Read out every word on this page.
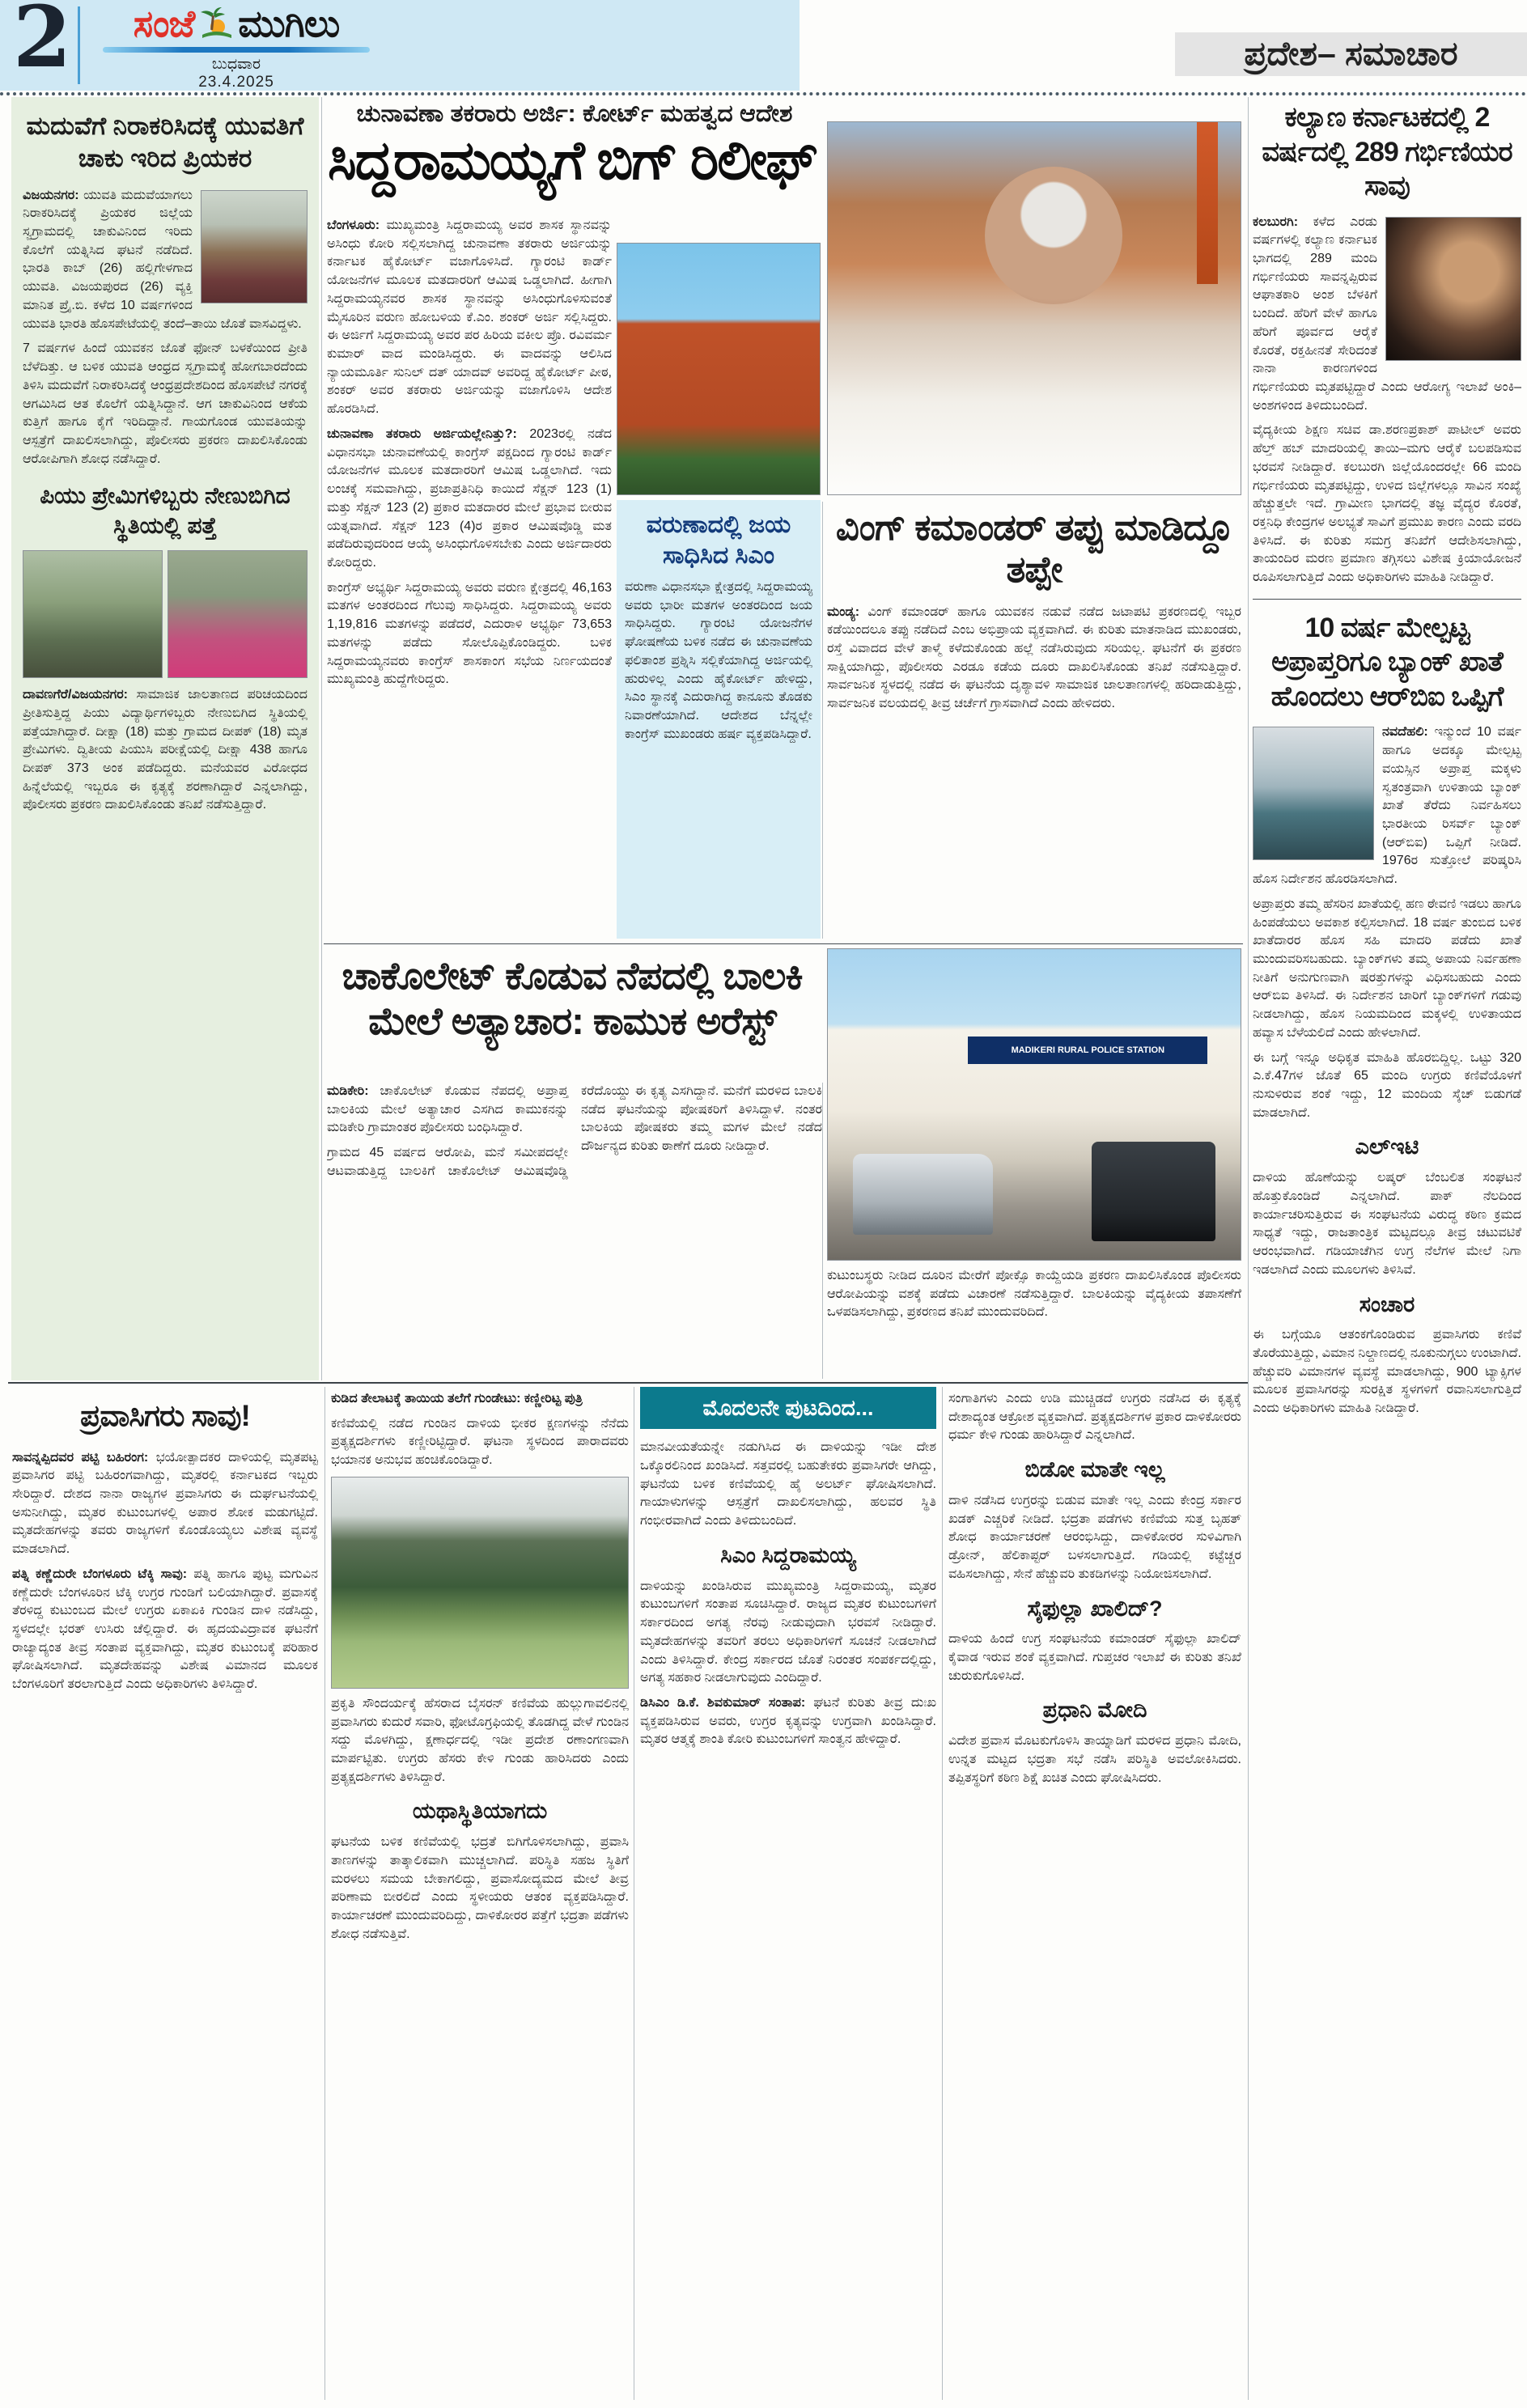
2 ಸಂಜೆ ಮುಗಿಲು
ಬುಧವಾರ
23.4.2025
ಪ್ರದೇಶ– ಸಮಾಚಾರ
ಮದುವೆಗೆ ನಿರಾಕರಿಸಿದಕ್ಕೆ ಯುವತಿಗೆ ಚಾಕು ಇರಿದ ಪ್ರಿಯಕರ

ವಿಜಯನಗರ: ಯುವತಿ ಮದುವೆಯಾಗಲು ನಿರಾಕರಿಸಿದಕ್ಕೆ ಪ್ರಿಯಕರ ಜಿಲ್ಲೆಯ ಸ್ವಗ್ರಾಮದಲ್ಲಿ ಚಾಕುವಿನಿಂದ ಇರಿದು ಕೊಲೆಗೆ ಯತ್ನಿಸಿದ ಘಟನೆ ನಡೆದಿದೆ. ಭಾರತಿ ಕಾಬ್ (26) ಹಲ್ಲಿಗೇಳಗಾದ ಯುವತಿ. ವಿಜಯಪುರದ (26) ವ್ಯಕ್ತಿ ಮಾನಿತ ಪ್ರೈ.ಬಿ. ಕಳೆದ 10 ವರ್ಷಗಳಿಂದ ಯುವತಿ ಭಾರತಿ ಹೊಸಪೇಟೆಯಲ್ಲಿ ತಂದೆ–ತಾಯಿ ಜೊತೆ ವಾಸವಿದ್ದಳು.

7 ವರ್ಷಗಳ ಹಿಂದೆ ಯುವಕನ ಜೊತೆ ಫೋನ್ ಬಳಕೆಯಿಂದ ಪ್ರೀತಿ ಬೆಳೆದಿತ್ತು. ಆ ಬಳಿಕ ಯುವತಿ ಆಂಧ್ರದ ಸ್ವಗ್ರಾಮಕ್ಕೆ ಹೋಗಬಾರದೆಂದು ತಿಳಿಸಿ ಮದುವೆಗೆ ನಿರಾಕರಿಸಿದಕ್ಕೆ ಆಂಧ್ರಪ್ರದೇಶದಿಂದ ಹೊಸಪೇಟೆ ನಗರಕ್ಕೆ ಆಗಮಿಸಿದ ಆತ ಕೊಲೆಗೆ ಯತ್ನಿಸಿದ್ದಾನೆ. ಆಗ ಚಾಕುವಿನಿಂದ ಆಕೆಯ ಕುತ್ತಿಗೆ ಹಾಗೂ ಕೈಗೆ ಇರಿದಿದ್ದಾನೆ. ಗಾಯಗೊಂಡ ಯುವತಿಯನ್ನು ಆಸ್ಪತ್ರೆಗೆ ದಾಖಲಿಸಲಾಗಿದ್ದು, ಪೊಲೀಸರು ಪ್ರಕರಣ ದಾಖಲಿಸಿಕೊಂಡು ಆರೋಪಿಗಾಗಿ ಶೋಧ ನಡೆಸಿದ್ದಾರೆ.

ಪಿಯು ಪ್ರೇಮಿಗಳಿಬ್ಬರು ನೇಣುಬಿಗಿದ ಸ್ಥಿತಿಯಲ್ಲಿ ಪತ್ತೆ

ದಾವಣಗೆರೆ/ವಿಜಯನಗರ: ಸಾಮಾಜಿಕ ಜಾಲತಾಣದ ಪರಿಚಯದಿಂದ ಪ್ರೀತಿಸುತ್ತಿದ್ದ ಪಿಯು ವಿದ್ಯಾರ್ಥಿಗಳಿಬ್ಬರು ನೇಣುಬಿಗಿದ ಸ್ಥಿತಿಯಲ್ಲಿ ಪತ್ತೆಯಾಗಿದ್ದಾರೆ. ದೀಕ್ಷಾ (18) ಮತ್ತು ಗ್ರಾಮದ ದೀಪಕ್ (18) ಮೃತ ಪ್ರೇಮಿಗಳು. ದ್ವಿತೀಯ ಪಿಯುಸಿ ಪರೀಕ್ಷೆಯಲ್ಲಿ ದೀಕ್ಷಾ 438 ಹಾಗೂ ದೀಪಕ್ 373 ಅಂಕ ಪಡೆದಿದ್ದರು. ಮನೆಯವರ ವಿರೋಧದ ಹಿನ್ನೆಲೆಯಲ್ಲಿ ಇಬ್ಬರೂ ಈ ಕೃತ್ಯಕ್ಕೆ ಶರಣಾಗಿದ್ದಾರೆ ಎನ್ನಲಾಗಿದ್ದು, ಪೊಲೀಸರು ಪ್ರಕರಣ ದಾಖಲಿಸಿಕೊಂಡು ತನಿಖೆ ನಡೆಸುತ್ತಿದ್ದಾರೆ.

ಚುನಾವಣಾ ತಕರಾರು ಅರ್ಜಿ: ಕೋರ್ಟ್ ಮಹತ್ವದ ಆದೇಶ
ಸಿದ್ದರಾಮಯ್ಯಗೆ ಬಿಗ್ ರಿಲೀಫ್

ಬೆಂಗಳೂರು: ಮುಖ್ಯಮಂತ್ರಿ ಸಿದ್ದರಾಮಯ್ಯ ಅವರ ಶಾಸಕ ಸ್ಥಾನವನ್ನು ಅಸಿಂಧು ಕೋರಿ ಸಲ್ಲಿಸಲಾಗಿದ್ದ ಚುನಾವಣಾ ತಕರಾರು ಅರ್ಜಿಯನ್ನು ಕರ್ನಾಟಕ ಹೈಕೋರ್ಟ್ ವಜಾಗೊಳಿಸಿದೆ. ಗ್ಯಾರಂಟಿ ಕಾರ್ಡ್ ಯೋಜನೆಗಳ ಮೂಲಕ ಮತದಾರರಿಗೆ ಆಮಿಷ ಒಡ್ಡಲಾಗಿದೆ. ಹೀಗಾಗಿ ಸಿದ್ದರಾಮಯ್ಯನವರ ಶಾಸಕ ಸ್ಥಾನವನ್ನು ಅಸಿಂಧುಗೊಳಿಸುವಂತೆ ಮೈಸೂರಿನ ವರುಣ ಹೋಬಳಿಯ ಕೆ.ಎಂ. ಶಂಕರ್ ಅರ್ಜಿ ಸಲ್ಲಿಸಿದ್ದರು. ಈ ಅರ್ಜಿಗೆ ಸಿದ್ದರಾಮಯ್ಯ ಅವರ ಪರ ಹಿರಿಯ ವಕೀಲ ಪ್ರೊ. ರವಿವರ್ಮ ಕುಮಾರ್ ವಾದ ಮಂಡಿಸಿದ್ದರು. ಈ ವಾದವನ್ನು ಆಲಿಸಿದ ನ್ಯಾಯಮೂರ್ತಿ ಸುನಿಲ್ ದತ್ ಯಾದವ್ ಅವರಿದ್ದ ಹೈಕೋರ್ಟ್ ಪೀಠ, ಶಂಕರ್ ಅವರ ತಕರಾರು ಅರ್ಜಿಯನ್ನು ವಜಾಗೊಳಿಸಿ ಆದೇಶ ಹೊರಡಿಸಿದೆ.

ಚುನಾವಣಾ ತಕರಾರು ಅರ್ಜಿಯಲ್ಲೇನಿತ್ತು?: 2023ರಲ್ಲಿ ನಡೆದ ವಿಧಾನಸಭಾ ಚುನಾವಣೆಯಲ್ಲಿ ಕಾಂಗ್ರೆಸ್ ಪಕ್ಷದಿಂದ ಗ್ಯಾರಂಟಿ ಕಾರ್ಡ್ ಯೋಜನೆಗಳ ಮೂಲಕ ಮತದಾರರಿಗೆ ಆಮಿಷ ಒಡ್ಡಲಾಗಿದೆ. ಇದು ಲಂಚಕ್ಕೆ ಸಮವಾಗಿದ್ದು, ಪ್ರಜಾಪ್ರತಿನಿಧಿ ಕಾಯಿದೆ ಸೆಕ್ಷನ್ 123 (1) ಮತ್ತು ಸೆಕ್ಷನ್ 123 (2) ಪ್ರಕಾರ ಮತದಾರರ ಮೇಲೆ ಪ್ರಭಾವ ಬೀರುವ ಯತ್ನವಾಗಿದೆ. ಸೆಕ್ಷನ್ 123 (4)ರ ಪ್ರಕಾರ ಆಮಿಷವೊಡ್ಡಿ ಮತ ಪಡೆದಿರುವುದರಿಂದ ಆಯ್ಕೆ ಅಸಿಂಧುಗೊಳಿಸಬೇಕು ಎಂದು ಅರ್ಜಿದಾರರು ಕೋರಿದ್ದರು.

ಕಾಂಗ್ರೆಸ್ ಅಭ್ಯರ್ಥಿ ಸಿದ್ದರಾಮಯ್ಯ ಅವರು ವರುಣ ಕ್ಷೇತ್ರದಲ್ಲಿ 46,163 ಮತಗಳ ಅಂತರದಿಂದ ಗೆಲುವು ಸಾಧಿಸಿದ್ದರು. ಸಿದ್ದರಾಮಯ್ಯ ಅವರು 1,19,816 ಮತಗಳನ್ನು ಪಡೆದರೆ, ಎದುರಾಳಿ ಅಭ್ಯರ್ಥಿ 73,653 ಮತಗಳನ್ನು ಪಡೆದು ಸೋಲೊಪ್ಪಿಕೊಂಡಿದ್ದರು. ಬಳಿಕ ಸಿದ್ದರಾಮಯ್ಯನವರು ಕಾಂಗ್ರೆಸ್ ಶಾಸಕಾಂಗ ಸಭೆಯ ನಿರ್ಣಯದಂತೆ ಮುಖ್ಯಮಂತ್ರಿ ಹುದ್ದೆಗೇರಿದ್ದರು.

ವರುಣಾದಲ್ಲಿ ಜಯ ಸಾಧಿಸಿದ ಸಿಎಂ
ವರುಣಾ ವಿಧಾನಸಭಾ ಕ್ಷೇತ್ರದಲ್ಲಿ ಸಿದ್ದರಾಮಯ್ಯ ಅವರು ಭಾರೀ ಮತಗಳ ಅಂತರದಿಂದ ಜಯ ಸಾಧಿಸಿದ್ದರು. ಗ್ಯಾರಂಟಿ ಯೋಜನೆಗಳ ಘೋಷಣೆಯ ಬಳಿಕ ನಡೆದ ಈ ಚುನಾವಣೆಯ ಫಲಿತಾಂಶ ಪ್ರಶ್ನಿಸಿ ಸಲ್ಲಿಕೆಯಾಗಿದ್ದ ಅರ್ಜಿಯಲ್ಲಿ ಹುರುಳಿಲ್ಲ ಎಂದು ಹೈಕೋರ್ಟ್ ಹೇಳಿದ್ದು, ಸಿಎಂ ಸ್ಥಾನಕ್ಕೆ ಎದುರಾಗಿದ್ದ ಕಾನೂನು ತೊಡಕು ನಿವಾರಣೆಯಾಗಿದೆ. ಆದೇಶದ ಬೆನ್ನಲ್ಲೇ ಕಾಂಗ್ರೆಸ್ ಮುಖಂಡರು ಹರ್ಷ ವ್ಯಕ್ತಪಡಿಸಿದ್ದಾರೆ.
ವಿಂಗ್ ಕಮಾಂಡರ್ ತಪ್ಪು ಮಾಡಿದ್ದೂ ತಪ್ಪೇ

ಮಂಡ್ಯ: ವಿಂಗ್ ಕಮಾಂಡರ್ ಹಾಗೂ ಯುವಕನ ನಡುವೆ ನಡೆದ ಜಟಾಪಟಿ ಪ್ರಕರಣದಲ್ಲಿ ಇಬ್ಬರ ಕಡೆಯಿಂದಲೂ ತಪ್ಪು ನಡೆದಿದೆ ಎಂಬ ಅಭಿಪ್ರಾಯ ವ್ಯಕ್ತವಾಗಿದೆ. ಈ ಕುರಿತು ಮಾತನಾಡಿದ ಮುಖಂಡರು, ರಸ್ತೆ ವಿವಾದದ ವೇಳೆ ತಾಳ್ಮೆ ಕಳೆದುಕೊಂಡು ಹಲ್ಲೆ ನಡೆಸಿರುವುದು ಸರಿಯಲ್ಲ. ಘಟನೆಗೆ ಈ ಪ್ರಕರಣ ಸಾಕ್ಷಿಯಾಗಿದ್ದು, ಪೊಲೀಸರು ಎರಡೂ ಕಡೆಯ ದೂರು ದಾಖಲಿಸಿಕೊಂಡು ತನಿಖೆ ನಡೆಸುತ್ತಿದ್ದಾರೆ. ಸಾರ್ವಜನಿಕ ಸ್ಥಳದಲ್ಲಿ ನಡೆದ ಈ ಘಟನೆಯ ದೃಶ್ಯಾವಳಿ ಸಾಮಾಜಿಕ ಜಾಲತಾಣಗಳಲ್ಲಿ ಹರಿದಾಡುತ್ತಿದ್ದು, ಸಾರ್ವಜನಿಕ ವಲಯದಲ್ಲಿ ತೀವ್ರ ಚರ್ಚೆಗೆ ಗ್ರಾಸವಾಗಿದೆ ಎಂದು ಹೇಳಿದರು.

ಕಲ್ಯಾಣ ಕರ್ನಾಟಕದಲ್ಲಿ 2 ವರ್ಷದಲ್ಲಿ 289 ಗರ್ಭಿಣಿಯರ ಸಾವು

ಕಲಬುರಗಿ: ಕಳೆದ ಎರಡು ವರ್ಷಗಳಲ್ಲಿ ಕಲ್ಯಾಣ ಕರ್ನಾಟಕ ಭಾಗದಲ್ಲಿ 289 ಮಂದಿ ಗರ್ಭಿಣಿಯರು ಸಾವನ್ನಪ್ಪಿರುವ ಆಘಾತಕಾರಿ ಅಂಶ ಬೆಳಕಿಗೆ ಬಂದಿದೆ. ಹೆರಿಗೆ ವೇಳೆ ಹಾಗೂ ಹೆರಿಗೆ ಪೂರ್ವದ ಆರೈಕೆ ಕೊರತೆ, ರಕ್ತಹೀನತೆ ಸೇರಿದಂತೆ ನಾನಾ ಕಾರಣಗಳಿಂದ ಗರ್ಭಿಣಿಯರು ಮೃತಪಟ್ಟಿದ್ದಾರೆ ಎಂದು ಆರೋಗ್ಯ ಇಲಾಖೆ ಅಂಕಿ–ಅಂಶಗಳಿಂದ ತಿಳಿದುಬಂದಿದೆ.

ವೈದ್ಯಕೀಯ ಶಿಕ್ಷಣ ಸಚಿವ ಡಾ.ಶರಣಪ್ರಕಾಶ್ ಪಾಟೀಲ್ ಅವರು ಹೆಲ್ತ್ ಹಬ್ ಮಾದರಿಯಲ್ಲಿ ತಾಯಿ–ಮಗು ಆರೈಕೆ ಬಲಪಡಿಸುವ ಭರವಸೆ ನೀಡಿದ್ದಾರೆ. ಕಲಬುರಗಿ ಜಿಲ್ಲೆಯೊಂದರಲ್ಲೇ 66 ಮಂದಿ ಗರ್ಭಿಣಿಯರು ಮೃತಪಟ್ಟಿದ್ದು, ಉಳಿದ ಜಿಲ್ಲೆಗಳಲ್ಲೂ ಸಾವಿನ ಸಂಖ್ಯೆ ಹೆಚ್ಚುತ್ತಲೇ ಇದೆ. ಗ್ರಾಮೀಣ ಭಾಗದಲ್ಲಿ ತಜ್ಞ ವೈದ್ಯರ ಕೊರತೆ, ರಕ್ತನಿಧಿ ಕೇಂದ್ರಗಳ ಅಲಭ್ಯತೆ ಸಾವಿಗೆ ಪ್ರಮುಖ ಕಾರಣ ಎಂದು ವರದಿ ತಿಳಿಸಿದೆ. ಈ ಕುರಿತು ಸಮಗ್ರ ತನಿಖೆಗೆ ಆದೇಶಿಸಲಾಗಿದ್ದು, ತಾಯಂದಿರ ಮರಣ ಪ್ರಮಾಣ ತಗ್ಗಿಸಲು ವಿಶೇಷ ಕ್ರಿಯಾಯೋಜನೆ ರೂಪಿಸಲಾಗುತ್ತಿದೆ ಎಂದು ಅಧಿಕಾರಿಗಳು ಮಾಹಿತಿ ನೀಡಿದ್ದಾರೆ.

10 ವರ್ಷ ಮೇಲ್ಪಟ್ಟ ಅಪ್ರಾಪ್ತರಿಗೂ ಬ್ಯಾಂಕ್ ಖಾತೆ ಹೊಂದಲು ಆರ್‌ಬಿಐ ಒಪ್ಪಿಗೆ

ನವದೆಹಲಿ: ಇನ್ಮುಂದೆ 10 ವರ್ಷ ಹಾಗೂ ಅದಕ್ಕೂ ಮೇಲ್ಪಟ್ಟ ವಯಸ್ಸಿನ ಅಪ್ರಾಪ್ತ ಮಕ್ಕಳು ಸ್ವತಂತ್ರವಾಗಿ ಉಳಿತಾಯ ಬ್ಯಾಂಕ್ ಖಾತೆ ತೆರೆದು ನಿರ್ವಹಿಸಲು ಭಾರತೀಯ ರಿಸರ್ವ್ ಬ್ಯಾಂಕ್ (ಆರ್‌ಬಿಐ) ಒಪ್ಪಿಗೆ ನೀಡಿದೆ. 1976ರ ಸುತ್ತೋಲೆ ಪರಿಷ್ಕರಿಸಿ ಹೊಸ ನಿರ್ದೇಶನ ಹೊರಡಿಸಲಾಗಿದೆ.

ಅಪ್ರಾಪ್ತರು ತಮ್ಮ ಹೆಸರಿನ ಖಾತೆಯಲ್ಲಿ ಹಣ ಠೇವಣಿ ಇಡಲು ಹಾಗೂ ಹಿಂಪಡೆಯಲು ಅವಕಾಶ ಕಲ್ಪಿಸಲಾಗಿದೆ. 18 ವರ್ಷ ತುಂಬಿದ ಬಳಿಕ ಖಾತೆದಾರರ ಹೊಸ ಸಹಿ ಮಾದರಿ ಪಡೆದು ಖಾತೆ ಮುಂದುವರಿಸಬಹುದು. ಬ್ಯಾಂಕ್‌ಗಳು ತಮ್ಮ ಅಪಾಯ ನಿರ್ವಹಣಾ ನೀತಿಗೆ ಅನುಗುಣವಾಗಿ ಷರತ್ತುಗಳನ್ನು ವಿಧಿಸಬಹುದು ಎಂದು ಆರ್‌ಬಿಐ ತಿಳಿಸಿದೆ. ಈ ನಿರ್ದೇಶನ ಜಾರಿಗೆ ಬ್ಯಾಂಕ್‌ಗಳಿಗೆ ಗಡುವು ನೀಡಲಾಗಿದ್ದು, ಹೊಸ ನಿಯಮದಿಂದ ಮಕ್ಕಳಲ್ಲಿ ಉಳಿತಾಯದ ಹವ್ಯಾಸ ಬೆಳೆಯಲಿದೆ ಎಂದು ಹೇಳಲಾಗಿದೆ.

ಈ ಬಗ್ಗೆ ಇನ್ನೂ ಅಧಿಕೃತ ಮಾಹಿತಿ ಹೊರಬಿದ್ದಿಲ್ಲ. ಒಟ್ಟು 320 ಎ.ಕೆ.47ಗಳ ಜೊತೆ 65 ಮಂದಿ ಉಗ್ರರು ಕಣಿವೆಯೊಳಗೆ ನುಸುಳಿರುವ ಶಂಕೆ ಇದ್ದು, 12 ಮಂದಿಯ ಸ್ಕೆಚ್ ಬಿಡುಗಡೆ ಮಾಡಲಾಗಿದೆ.

ಎಲ್ಇಟಿ

ದಾಳಿಯ ಹೊಣೆಯನ್ನು ಲಷ್ಕರ್ ಬೆಂಬಲಿತ ಸಂಘಟನೆ ಹೊತ್ತುಕೊಂಡಿದೆ ಎನ್ನಲಾಗಿದೆ. ಪಾಕ್ ನೆಲದಿಂದ ಕಾರ್ಯಾಚರಿಸುತ್ತಿರುವ ಈ ಸಂಘಟನೆಯ ವಿರುದ್ಧ ಕಠಿಣ ಕ್ರಮದ ಸಾಧ್ಯತೆ ಇದ್ದು, ರಾಜತಾಂತ್ರಿಕ ಮಟ್ಟದಲ್ಲೂ ತೀವ್ರ ಚಟುವಟಿಕೆ ಆರಂಭವಾಗಿದೆ. ಗಡಿಯಾಚೆಗಿನ ಉಗ್ರ ನೆಲೆಗಳ ಮೇಲೆ ನಿಗಾ ಇಡಲಾಗಿದೆ ಎಂದು ಮೂಲಗಳು ತಿಳಿಸಿವೆ.

ಸಂಚಾರ

ಈ ಬಗ್ಗೆಯೂ ಆತಂಕಗೊಂಡಿರುವ ಪ್ರವಾಸಿಗರು ಕಣಿವೆ ತೊರೆಯುತ್ತಿದ್ದು, ವಿಮಾನ ನಿಲ್ದಾಣದಲ್ಲಿ ನೂಕುನುಗ್ಗಲು ಉಂಟಾಗಿದೆ. ಹೆಚ್ಚುವರಿ ವಿಮಾನಗಳ ವ್ಯವಸ್ಥೆ ಮಾಡಲಾಗಿದ್ದು, 900 ಟ್ಯಾಕ್ಸಿಗಳ ಮೂಲಕ ಪ್ರವಾಸಿಗರನ್ನು ಸುರಕ್ಷಿತ ಸ್ಥಳಗಳಿಗೆ ರವಾನಿಸಲಾಗುತ್ತಿದೆ ಎಂದು ಅಧಿಕಾರಿಗಳು ಮಾಹಿತಿ ನೀಡಿದ್ದಾರೆ.

ಚಾಕೊಲೇಟ್ ಕೊಡುವ ನೆಪದಲ್ಲಿ ಬಾಲಕಿ ಮೇಲೆ ಅತ್ಯಾಚಾರ: ಕಾಮುಕ ಅರೆಸ್ಟ್
MADIKERI RURAL POLICE STATION

ಮಡಿಕೇರಿ: ಚಾಕೊಲೇಟ್ ಕೊಡುವ ನೆಪದಲ್ಲಿ ಅಪ್ರಾಪ್ತ ಬಾಲಕಿಯ ಮೇಲೆ ಅತ್ಯಾಚಾರ ಎಸಗಿದ ಕಾಮುಕನನ್ನು ಮಡಿಕೇರಿ ಗ್ರಾಮಾಂತರ ಪೊಲೀಸರು ಬಂಧಿಸಿದ್ದಾರೆ.

ಗ್ರಾಮದ 45 ವರ್ಷದ ಆರೋಪಿ, ಮನೆ ಸಮೀಪದಲ್ಲೇ ಆಟವಾಡುತ್ತಿದ್ದ ಬಾಲಕಿಗೆ ಚಾಕೊಲೇಟ್ ಆಮಿಷವೊಡ್ಡಿ ಕರೆದೊಯ್ದು ಈ ಕೃತ್ಯ ಎಸಗಿದ್ದಾನೆ. ಮನೆಗೆ ಮರಳಿದ ಬಾಲಕಿ ನಡೆದ ಘಟನೆಯನ್ನು ಪೋಷಕರಿಗೆ ತಿಳಿಸಿದ್ದಾಳೆ. ನಂತರ ಬಾಲಕಿಯ ಪೋಷಕರು ತಮ್ಮ ಮಗಳ ಮೇಲೆ ನಡೆದ ದೌರ್ಜನ್ಯದ ಕುರಿತು ಠಾಣೆಗೆ ದೂರು ನೀಡಿದ್ದಾರೆ.

ಕುಟುಂಬಸ್ಥರು ನೀಡಿದ ದೂರಿನ ಮೇರೆಗೆ ಪೋಕ್ಸೊ ಕಾಯ್ದೆಯಡಿ ಪ್ರಕರಣ ದಾಖಲಿಸಿಕೊಂಡ ಪೊಲೀಸರು ಆರೋಪಿಯನ್ನು ವಶಕ್ಕೆ ಪಡೆದು ವಿಚಾರಣೆ ನಡೆಸುತ್ತಿದ್ದಾರೆ. ಬಾಲಕಿಯನ್ನು ವೈದ್ಯಕೀಯ ತಪಾಸಣೆಗೆ ಒಳಪಡಿಸಲಾಗಿದ್ದು, ಪ್ರಕರಣದ ತನಿಖೆ ಮುಂದುವರಿದಿದೆ.
ಪ್ರವಾಸಿಗರು ಸಾವು!

ಸಾವನ್ನಪ್ಪಿದವರ ಪಟ್ಟಿ ಬಹಿರಂಗ: ಭಯೋತ್ಪಾದಕರ ದಾಳಿಯಲ್ಲಿ ಮೃತಪಟ್ಟ ಪ್ರವಾಸಿಗರ ಪಟ್ಟಿ ಬಹಿರಂಗವಾಗಿದ್ದು, ಮೃತರಲ್ಲಿ ಕರ್ನಾಟಕದ ಇಬ್ಬರು ಸೇರಿದ್ದಾರೆ. ದೇಶದ ನಾನಾ ರಾಜ್ಯಗಳ ಪ್ರವಾಸಿಗರು ಈ ದುರ್ಘಟನೆಯಲ್ಲಿ ಅಸುನೀಗಿದ್ದು, ಮೃತರ ಕುಟುಂಬಗಳಲ್ಲಿ ಅಪಾರ ಶೋಕ ಮಡುಗಟ್ಟಿದೆ. ಮೃತದೇಹಗಳನ್ನು ತವರು ರಾಜ್ಯಗಳಿಗೆ ಕೊಂಡೊಯ್ಯಲು ವಿಶೇಷ ವ್ಯವಸ್ಥೆ ಮಾಡಲಾಗಿದೆ.

ಪತ್ನಿ ಕಣ್ಣೆದುರೇ ಬೆಂಗಳೂರು ಟೆಕ್ಕಿ ಸಾವು: ಪತ್ನಿ ಹಾಗೂ ಪುಟ್ಟ ಮಗುವಿನ ಕಣ್ಣೆದುರೇ ಬೆಂಗಳೂರಿನ ಟೆಕ್ಕಿ ಉಗ್ರರ ಗುಂಡಿಗೆ ಬಲಿಯಾಗಿದ್ದಾರೆ. ಪ್ರವಾಸಕ್ಕೆ ತೆರಳಿದ್ದ ಕುಟುಂಬದ ಮೇಲೆ ಉಗ್ರರು ಏಕಾಏಕಿ ಗುಂಡಿನ ದಾಳಿ ನಡೆಸಿದ್ದು, ಸ್ಥಳದಲ್ಲೇ ಭರತ್ ಉಸಿರು ಚೆಲ್ಲಿದ್ದಾರೆ. ಈ ಹೃದಯವಿದ್ರಾವಕ ಘಟನೆಗೆ ರಾಜ್ಯಾದ್ಯಂತ ತೀವ್ರ ಸಂತಾಪ ವ್ಯಕ್ತವಾಗಿದ್ದು, ಮೃತರ ಕುಟುಂಬಕ್ಕೆ ಪರಿಹಾರ ಘೋಷಿಸಲಾಗಿದೆ. ಮೃತದೇಹವನ್ನು ವಿಶೇಷ ವಿಮಾನದ ಮೂಲಕ ಬೆಂಗಳೂರಿಗೆ ತರಲಾಗುತ್ತಿದೆ ಎಂದು ಅಧಿಕಾರಿಗಳು ತಿಳಿಸಿದ್ದಾರೆ.

ಕುಡಿದ ತೇಲಾಟಕ್ಕೆ ತಾಯಿಯ ತಲೆಗೆ ಗುಂಡೇಟು: ಕಣ್ಣೀರಿಟ್ಟ ಪುತ್ರಿ

ಕಣಿವೆಯಲ್ಲಿ ನಡೆದ ಗುಂಡಿನ ದಾಳಿಯ ಭೀಕರ ಕ್ಷಣಗಳನ್ನು ನೆನೆದು ಪ್ರತ್ಯಕ್ಷದರ್ಶಿಗಳು ಕಣ್ಣೀರಿಟ್ಟಿದ್ದಾರೆ. ಘಟನಾ ಸ್ಥಳದಿಂದ ಪಾರಾದವರು ಭಯಾನಕ ಅನುಭವ ಹಂಚಿಕೊಂಡಿದ್ದಾರೆ.

ಪ್ರಕೃತಿ ಸೌಂದರ್ಯಕ್ಕೆ ಹೆಸರಾದ ಬೈಸರನ್ ಕಣಿವೆಯ ಹುಲ್ಲುಗಾವಲಿನಲ್ಲಿ ಪ್ರವಾಸಿಗರು ಕುದುರೆ ಸವಾರಿ, ಫೋಟೊಗ್ರಫಿಯಲ್ಲಿ ತೊಡಗಿದ್ದ ವೇಳೆ ಗುಂಡಿನ ಸದ್ದು ಮೊಳಗಿದ್ದು, ಕ್ಷಣಾರ್ಧದಲ್ಲಿ ಇಡೀ ಪ್ರದೇಶ ರಣಾಂಗಣವಾಗಿ ಮಾರ್ಪಟ್ಟಿತು. ಉಗ್ರರು ಹೆಸರು ಕೇಳಿ ಗುಂಡು ಹಾರಿಸಿದರು ಎಂದು ಪ್ರತ್ಯಕ್ಷದರ್ಶಿಗಳು ತಿಳಿಸಿದ್ದಾರೆ.

ಯಥಾಸ್ಥಿತಿಯಾಗದು

ಘಟನೆಯ ಬಳಿಕ ಕಣಿವೆಯಲ್ಲಿ ಭದ್ರತೆ ಬಿಗಿಗೊಳಿಸಲಾಗಿದ್ದು, ಪ್ರವಾಸಿ ತಾಣಗಳನ್ನು ತಾತ್ಕಾಲಿಕವಾಗಿ ಮುಚ್ಚಲಾಗಿದೆ. ಪರಿಸ್ಥಿತಿ ಸಹಜ ಸ್ಥಿತಿಗೆ ಮರಳಲು ಸಮಯ ಬೇಕಾಗಲಿದ್ದು, ಪ್ರವಾಸೋದ್ಯಮದ ಮೇಲೆ ತೀವ್ರ ಪರಿಣಾಮ ಬೀರಲಿದೆ ಎಂದು ಸ್ಥಳೀಯರು ಆತಂಕ ವ್ಯಕ್ತಪಡಿಸಿದ್ದಾರೆ. ಕಾರ್ಯಾಚರಣೆ ಮುಂದುವರಿದಿದ್ದು, ದಾಳಿಕೋರರ ಪತ್ತೆಗೆ ಭದ್ರತಾ ಪಡೆಗಳು ಶೋಧ ನಡೆಸುತ್ತಿವೆ.

ಮೊದಲನೇ ಪುಟದಿಂದ...

ಮಾನವೀಯತೆಯನ್ನೇ ನಡುಗಿಸಿದ ಈ ದಾಳಿಯನ್ನು ಇಡೀ ದೇಶ ಒಕ್ಕೊರಲಿನಿಂದ ಖಂಡಿಸಿದೆ. ಸತ್ತವರಲ್ಲಿ ಬಹುತೇಕರು ಪ್ರವಾಸಿಗರೇ ಆಗಿದ್ದು, ಘಟನೆಯ ಬಳಿಕ ಕಣಿವೆಯಲ್ಲಿ ಹೈ ಅಲರ್ಟ್ ಘೋಷಿಸಲಾಗಿದೆ. ಗಾಯಾಳುಗಳನ್ನು ಆಸ್ಪತ್ರೆಗೆ ದಾಖಲಿಸಲಾಗಿದ್ದು, ಹಲವರ ಸ್ಥಿತಿ ಗಂಭೀರವಾಗಿದೆ ಎಂದು ತಿಳಿದುಬಂದಿದೆ.

ಸಿಎಂ ಸಿದ್ದರಾಮಯ್ಯ

ದಾಳಿಯನ್ನು ಖಂಡಿಸಿರುವ ಮುಖ್ಯಮಂತ್ರಿ ಸಿದ್ದರಾಮಯ್ಯ, ಮೃತರ ಕುಟುಂಬಗಳಿಗೆ ಸಂತಾಪ ಸೂಚಿಸಿದ್ದಾರೆ. ರಾಜ್ಯದ ಮೃತರ ಕುಟುಂಬಗಳಿಗೆ ಸರ್ಕಾರದಿಂದ ಅಗತ್ಯ ನೆರವು ನೀಡುವುದಾಗಿ ಭರವಸೆ ನೀಡಿದ್ದಾರೆ. ಮೃತದೇಹಗಳನ್ನು ತವರಿಗೆ ತರಲು ಅಧಿಕಾರಿಗಳಿಗೆ ಸೂಚನೆ ನೀಡಲಾಗಿದೆ ಎಂದು ತಿಳಿಸಿದ್ದಾರೆ. ಕೇಂದ್ರ ಸರ್ಕಾರದ ಜೊತೆ ನಿರಂತರ ಸಂಪರ್ಕದಲ್ಲಿದ್ದು, ಅಗತ್ಯ ಸಹಕಾರ ನೀಡಲಾಗುವುದು ಎಂದಿದ್ದಾರೆ.

ಡಿಸಿಎಂ ಡಿ.ಕೆ. ಶಿವಕುಮಾರ್ ಸಂತಾಪ: ಘಟನೆ ಕುರಿತು ತೀವ್ರ ದುಃಖ ವ್ಯಕ್ತಪಡಿಸಿರುವ ಅವರು, ಉಗ್ರರ ಕೃತ್ಯವನ್ನು ಉಗ್ರವಾಗಿ ಖಂಡಿಸಿದ್ದಾರೆ. ಮೃತರ ಆತ್ಮಕ್ಕೆ ಶಾಂತಿ ಕೋರಿ ಕುಟುಂಬಗಳಿಗೆ ಸಾಂತ್ವನ ಹೇಳಿದ್ದಾರೆ.

ಸಂಗಾತಿಗಳು ಎಂದು ಉಡಿ ಮುಚ್ಚಿಡದೆ ಉಗ್ರರು ನಡೆಸಿದ ಈ ಕೃತ್ಯಕ್ಕೆ ದೇಶಾದ್ಯಂತ ಆಕ್ರೋಶ ವ್ಯಕ್ತವಾಗಿದೆ. ಪ್ರತ್ಯಕ್ಷದರ್ಶಿಗಳ ಪ್ರಕಾರ ದಾಳಿಕೋರರು ಧರ್ಮ ಕೇಳಿ ಗುಂಡು ಹಾರಿಸಿದ್ದಾರೆ ಎನ್ನಲಾಗಿದೆ.

ಬಿಡೋ ಮಾತೇ ಇಲ್ಲ

ದಾಳಿ ನಡೆಸಿದ ಉಗ್ರರನ್ನು ಬಿಡುವ ಮಾತೇ ಇಲ್ಲ ಎಂದು ಕೇಂದ್ರ ಸರ್ಕಾರ ಖಡಕ್ ಎಚ್ಚರಿಕೆ ನೀಡಿದೆ. ಭದ್ರತಾ ಪಡೆಗಳು ಕಣಿವೆಯ ಸುತ್ತ ಬೃಹತ್ ಶೋಧ ಕಾರ್ಯಾಚರಣೆ ಆರಂಭಿಸಿದ್ದು, ದಾಳಿಕೋರರ ಸುಳಿವಿಗಾಗಿ ಡ್ರೋನ್, ಹೆಲಿಕಾಪ್ಟರ್ ಬಳಸಲಾಗುತ್ತಿದೆ. ಗಡಿಯಲ್ಲಿ ಕಟ್ಟೆಚ್ಚರ ವಹಿಸಲಾಗಿದ್ದು, ಸೇನೆ ಹೆಚ್ಚುವರಿ ತುಕಡಿಗಳನ್ನು ನಿಯೋಜಿಸಲಾಗಿದೆ.

ಸೈಫುಲ್ಲಾ ಖಾಲಿದ್?

ದಾಳಿಯ ಹಿಂದೆ ಉಗ್ರ ಸಂಘಟನೆಯ ಕಮಾಂಡರ್ ಸೈಫುಲ್ಲಾ ಖಾಲಿದ್ ಕೈವಾಡ ಇರುವ ಶಂಕೆ ವ್ಯಕ್ತವಾಗಿದೆ. ಗುಪ್ತಚರ ಇಲಾಖೆ ಈ ಕುರಿತು ತನಿಖೆ ಚುರುಕುಗೊಳಿಸಿದೆ.

ಪ್ರಧಾನಿ ಮೋದಿ

ವಿದೇಶ ಪ್ರವಾಸ ಮೊಟಕುಗೊಳಿಸಿ ತಾಯ್ನಾಡಿಗೆ ಮರಳಿದ ಪ್ರಧಾನಿ ಮೋದಿ, ಉನ್ನತ ಮಟ್ಟದ ಭದ್ರತಾ ಸಭೆ ನಡೆಸಿ ಪರಿಸ್ಥಿತಿ ಅವಲೋಕಿಸಿದರು. ತಪ್ಪಿತಸ್ಥರಿಗೆ ಕಠಿಣ ಶಿಕ್ಷೆ ಖಚಿತ ಎಂದು ಘೋಷಿಸಿದರು.
